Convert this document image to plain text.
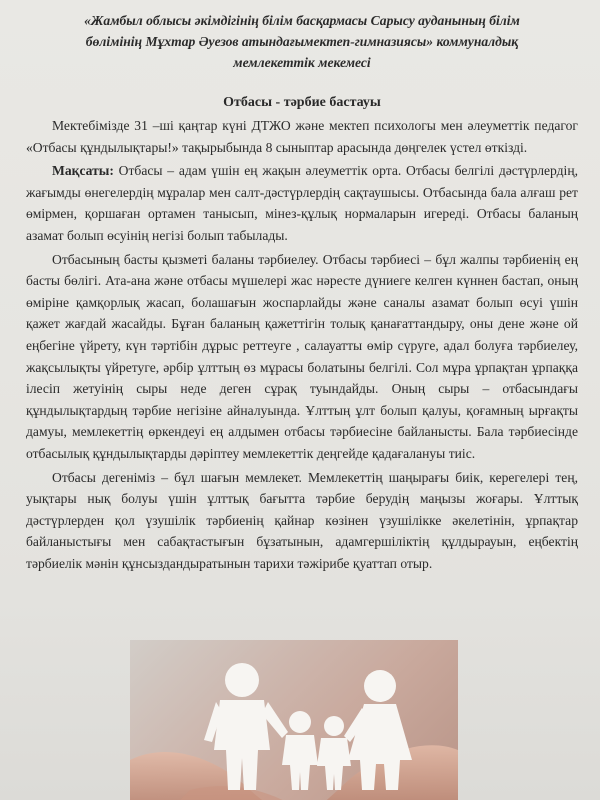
«Жамбыл облысы әкімдігінің білім басқармасы Сарысу ауданының білім
бөлімінің Мұхтар Әуезов атындағымектеп-гимназиясы» коммуналдық
мемлекеттік мекемесі
Отбасы - тәрбие бастауы

Мектебімізде 31 –ші қаңтар күні ДТЖО және мектеп психологы мен әлеуметтік педагог «Отбасы құндылықтары!» тақырыбында 8 сыныптар арасында дөңгелек үстел өткізді.

Мақсаты: Отбасы – адам үшін ең жақын әлеуметтік орта. Отбасы белгілі дәстүрлердің, жағымды өнегелердің мұралар мен салт-дәстүрлердің сақтаушысы. Отбасында бала алғаш рет өмірмен, қоршаған ортамен танысып, мінез-құлық нормаларын игереді. Отбасы баланың азамат болып өсуінің негізі болып табылады.

Отбасының басты қызметі баланы тәрбиелеу. Отбасы тәрбиесі – бұл жалпы тәрбиенің ең басты бөлігі. Ата-ана және отбасы мүшелері жас нәресте дүниеге келген күннен бастап, оның өміріне қамқорлық жасап, болашағын жоспарлайды және саналы азамат болып өсуі үшін қажет жағдай жасайды. Бұған баланың қажеттігін толық қанағаттандыру, оны дене және ой еңбегіне үйрету, күн тәртібін дұрыс реттеуге , салауатты өмір сүруге, адал болуға тәрбиелеу, жақсылықты үйретуге, әрбір ұлттың өз мұрасы болатыны белгілі. Сол мұра ұрпақтан ұрпаққа ілесіп жетуінің сыры неде деген сұрақ туындайды. Оның сыры – отбасындағы құндылықтардың тәрбие негізіне айналуында. Ұлттың ұлт болып қалуы, қоғамның ырғақты дамуы, мемлекеттің өркендеуі ең алдымен отбасы тәрбиесіне байланысты. Бала тәрбиесінде отбасылық құндылықтарды дәріптеу мемлекеттік деңгейде қадағалануы тиіс.

Отбасы дегеніміз – бұл шағын мемлекет. Мемлекеттің шаңырағы биік, керегелері тең, уықтары нық болуы үшін ұлттық бағытта тәрбие берудің маңызы жоғары. Ұлттық дәстүрлерден қол үзушілік тәрбиенің қайнар көзінен үзушілікке әкелетінін, ұрпақтар байланыстығы мен сабақтастығын бұзатынын, адамгершіліктің құлдырауын, еңбектің тәрбиелік мәнін құнсыздандыратынын тарихи тәжірибе қуаттап отыр.
